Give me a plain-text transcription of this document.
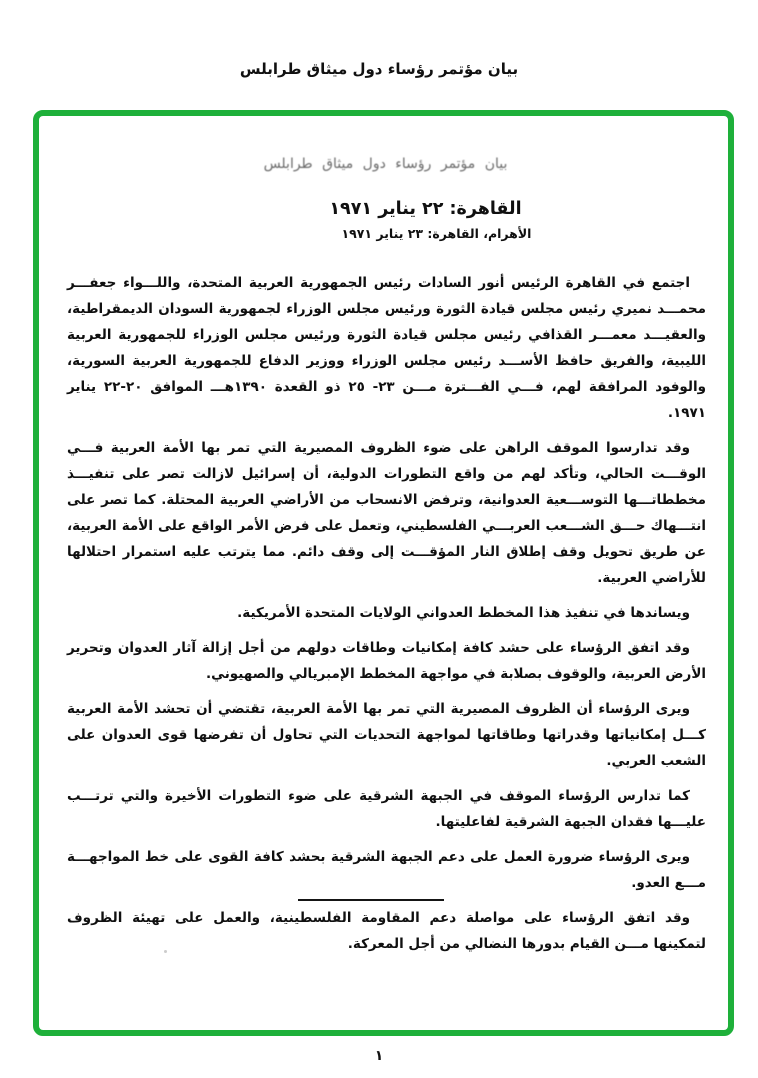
بيان مؤتمر رؤساء دول ميثاق طرابلس
بيان مؤتمر رؤساء دول ميثاق طرابلس
القاهرة: ٢٢ يناير ١٩٧١
الأهرام، القاهرة: ٢٣ يناير ١٩٧١

اجتمع في القاهرة الرئيس أنور السادات رئيس الجمهورية العربية المتحدة، واللـــواء جعفـــر محمـــد نميري رئيس مجلس قيادة الثورة ورئيس مجلس الوزراء لجمهورية السودان الديمقراطية، والعقيـــد معمـــر القذافي رئيس مجلس قيادة الثورة ورئيس مجلس الوزراء للجمهورية العربية الليبية، والفريق حافظ الأســـد رئيس مجلس الوزراء ووزير الدفاع للجمهورية العربية السورية، والوفود المرافقة لهم، فـــي الفـــترة مـــن ٢٣- ٢٥ ذو القعدة ١٣٩٠هـــ الموافق ٢٠-٢٢ يناير ١٩٧١.

وقد تدارسوا الموقف الراهن على ضوء الظروف المصيرية التي تمر بها الأمة العربية فـــي الوقـــت الحالي، وتأكد لهم من واقع التطورات الدولية، أن إسرائيل لازالت تصر على تنفيـــذ مخططاتـــها التوســـعية العدوانية، وترفض الانسحاب من الأراضي العربية المحتلة. كما تصر على انتـــهاك حـــق الشـــعب العربـــي الفلسطيني، وتعمل على فرض الأمر الواقع على الأمة العربية، عن طريق تحويل وقف إطلاق النار المؤقـــت إلى وقف دائم. مما يترتب عليه استمرار احتلالها للأراضي العربية.

ويساندها في تنفيذ هذا المخطط العدواني الولايات المتحدة الأمريكية.

وقد اتفق الرؤساء على حشد كافة إمكانيات وطاقات دولهم من أجل إزالة آثار العدوان وتحرير الأرض العربية، والوقوف بصلابة في مواجهة المخطط الإمبريالي والصهيوني.

ويرى الرؤساء أن الظروف المصيرية التي تمر بها الأمة العربية، تقتضي أن تحشد الأمة العربية كـــل إمكانياتها وقدراتها وطاقاتها لمواجهة التحديات التي تحاول أن تفرضها قوى العدوان على الشعب العربي.

كما تدارس الرؤساء الموقف في الجبهة الشرقية على ضوء التطورات الأخيرة والتي ترتـــب عليـــها فقدان الجبهة الشرقية لفاعليتها.

ويرى الرؤساء ضرورة العمل على دعم الجبهة الشرقية بحشد كافة القوى على خط المواجهـــة مـــع العدو.

وقد اتفق الرؤساء على مواصلة دعم المقاومة الفلسطينية، والعمل على تهيئة الظروف لتمكينها مـــن القيام بدورها النضالي من أجل المعركة.

١
